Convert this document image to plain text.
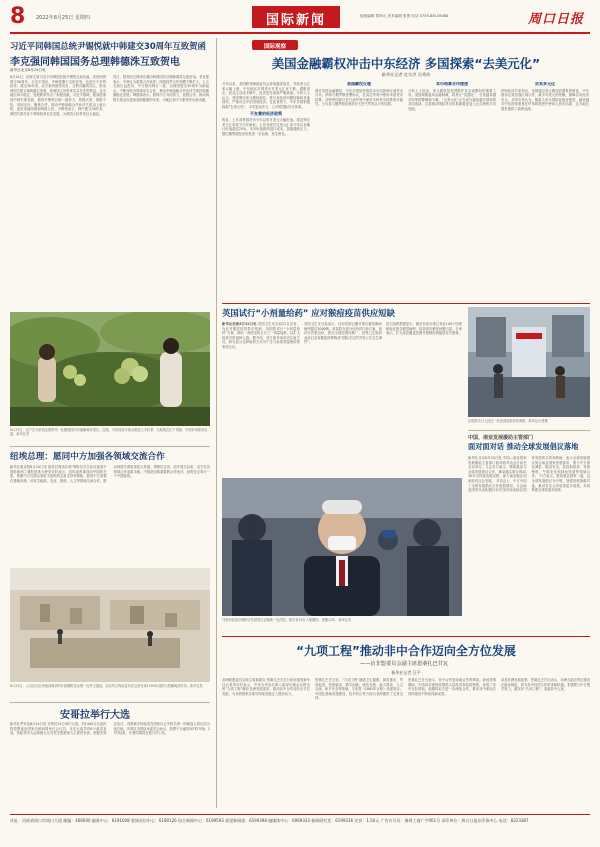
8 2022年8月25日 星期四	国际新闻	组版编辑 郑炜元 美术编辑 张勇 电话 0755-88135088	周口日报
习近平同韩国总统尹锡悦就中韩建交30周年互致贺函
李克强同韩国国务总理韩德洙互致贺电
新华社北京8月24日电
8月24日，国家主席习近平同韩国总统尹锡悦互致贺函，庆祝两国建交30周年。习近平指出，中韩是搬不走的近邻，也是分不开的伙伴。建交30年来，双方秉持睦邻友好、互利共赢的初心，推动两国关系实现跨越式发展，给两国人民带来实实在在的利益，也为地区和平稳定、发展繁荣作出了积极贡献。习近平强调，我高度重视中韩关系发展，愿同尹锡悦总统一道努力，把握大势，排除干扰，巩固友好，聚焦合作，推动中韩战略合作伙伴关系迈上新台阶，更好造福两国和两国人民。尹锡悦表示，韩中建交30年来，两国关系在各个领域取得长足发展，为两国人民带来巨大福祉。
同日，国务院总理李克强同韩国国务总理韩德洙互致贺电。李克强表示，中韩互为重要合作伙伴，两国经贸合作规模不断扩大，人文交流日益密切。中方愿同韩方一道，以两国建交30周年为新起点，不断深化各领域务实合作，推动中韩战略合作伙伴关系持续健康稳定发展。韩德洙表示，愿同中方共同努力，加强合作，推动两国关系迈向更加成熟健康的未来，为地区和平与繁荣作出新贡献。
8月23日，农户在马来西亚霹雳州一处榴莲园内采摘葡萄状果实。近期，马来西亚多地水果进入丰收季，当地果农忙于采摘，中国市场需求旺盛。新华社发
纽埃总理：愿同中方加强各领域交流合作
新华社惠灵顿8月24日电 纽埃总理达尔顿·塔格拉吉日前在接受中国驻新西兰兼驻纽埃大使采访时表示，纽埃高度重视同中国的关系，感谢中方长期以来给予纽埃的宝贵支持和帮助，愿同中方加强在基础设施、可再生能源、农业、旅游、人文等领域交流合作，推动两国关系取得更大发展。塔格拉吉说，纽中建交以来，双方在各领域合作成果丰硕。中国是纽埃重要的合作伙伴，纽埃坚定奉行一个中国原则。
8月23日，人们在以色列南部城市阿什凯隆附近参观一处考古遗址。以色列文物局宣布在这里发现1500年前的大型葡萄酒作坊。新华社发
安哥拉举行大选
新华社罗安达8月24日电 安哥拉24日举行大选，约1400万名选民将投票选出国家总统和国民议会议员。本次大选共有8个政党参选，执政党安人运和最大反对党安盟被视为主要竞争者。根据安哥拉宪法，得票最多的政党在国民议会中排名第一的候选人将自动当选总统。安哥拉全国选举委员会表示，投票于当地时间7时开始，17时结束，计票结果将在数日内公布。
国际观察
美国金融霸权冲击中东经济 多国探索“去美元化”
新华社记者 吐尔洪 冯秀珍
今年以来，美国联邦储备委员会持续激进加息，导致美元汇率大幅上涨，中东地区多国货币对美元汇率下跌，通胀高企，民众生活成本攀升，经济复苏面临严峻挑战。分析人士认为，美国利用美元霸权地位，将自身经济问题转嫁给其他国家，严重冲击中东国家经济。在此背景下，中东多国积极探索“去美元化”，寻求更加多元、公平的国际货币体系。
不友善的经济政策
埃及、土耳其等国货币今年以来对美元大幅贬值。埃及镑兑美元汇率创下历史新低，土耳其里拉兑美元汇率今年以来累计贬值超过25%。本币贬值推高进口成本，加剧通胀压力。黎巴嫩等国经济危机进一步加深，民生困苦。
美国霸权反噬
面对美国金融霸权，中东多国加快推进本币结算和区域货币合作。伊朗与俄罗斯签署协议，在双边贸易中使用本国货币结算。沙特等国探讨在石油贸易中使用多种货币结算的可能性。土耳其与俄罗斯同意部分天然气贸易以卢布结算。
本币结算合作提速
分析人士指出，美元霸权是美国维护其全球霸权的重要工具。美国频繁滥用金融制裁，将美元“武器化”，引发越来越多国家的警惕和不满。“去美元化”正在成为越来越多国家的共同选择，这将推动国际货币体系朝着更加公正合理的方向发展。
贸易多元化
伊朗经济学家指出，美国通过美元霸权收割世界财富，中东国家必须加强区域合作，减少对美元的依赖，保障自身经济安全。多国专家认为，随着人民币国际化稳步推进，越来越多中东国家愿意在贸易和投资中使用人民币结算，这为地区国家提供了新的选择。
英国试行“小剂量给药” 应对猴痘疫苗供应短缺
新华社伦敦8月22日电 英国卫生安全局22日宣布，为应对猴痘疫苗供应短缺，英国将试行“小剂量给药”方案，即用一剂疫苗的五分之一剂量接种，以扩大疫苗可供接种人群。据介绍，该方案采用皮内注射方式，研究显示这种给药方式可产生与标准剂量相似的免疫反应。
英国卫生安全局表示，目前英国已累计报告猴痘确诊病例超过3000例。该局将在部分诊所试行新方案，如试行效果良好，将在全国范围内推广。世界卫生组织此前已宣布猴痘疫情构成“国际关注的突发公共卫生事件”。
世卫组织数据显示，截至目前全球已有近100个国家和地区报告猴痘病例，疫苗供应紧张问题凸显。专家表示，扩大疫苗覆盖范围对遏制疫情蔓延至关重要。
伦敦街头行人经过一处疫苗接种宣传海报。新华社记者摄
中国、南亚发展援助主管部门
面对面对话 推动全球发展倡议落地
马来西亚前总理纳吉布被带往吉隆坡一处法院。纳吉布23日入狱服刑，刑期12年。新华社发
新华社北京8月24日电 中国—南亚国家发展援助主管部门面对面对话会日前在北京举行。与会各方表示，愿积极参与全球发展倡议合作，推动落实联合国2030年可持续发展议程，助力南亚地区国家经济社会发展。 对话会上，中方介绍了全球发展倡议合作进展情况。与会南亚国家代表积极评价中国对南亚地区国家发展的支持和帮助，表示全球发展倡议契合南亚国家发展需求，愿与中方深化减贫、粮食安全、抗疫和疫苗、发展筹资、气候变化和绿色发展等领域合作。 中方表示，愿同南亚国家一道，以全球发展倡议为引领，加强发展战略对接，推动务实合作取得更多成果，共同构建全球发展共同体。
“九项工程”推动非中合作迈向全方位发展
——访非盟委员会副主席恩桑扎巴甘瓦
新华社记者 汪平
非洲联盟委员会副主席莫妮克·恩桑扎巴甘瓦日前在接受新华社记者采访时表示，中非合作论坛第八届部长级会议提出的“九项工程”顺应非洲发展需求，推动非中合作迈向全方位发展，为非洲国家实现可持续发展注入强劲动力。
恩桑扎巴甘瓦说，“九项工程”涵盖卫生健康、减贫惠农、贸易促进、投资驱动、数字创新、绿色发展、能力建设、人文交流、和平安全等领域，与非盟《2063年议程》高度契合。中国在基础设施建设、技术转让等方面为非洲提供了宝贵支持。
恩桑扎巴甘瓦表示，非中合作是南南合作的典范。新冠疫情期间，中国向非洲国家提供大量疫苗和抗疫物资，体现了非中友好情谊。她期待双方进一步深化合作，推动非中命运共同体建设不断取得新成果。
谈及非洲发展前景，恩桑扎巴甘瓦表示，非洲大陆自贸区建设正稳步推进，将为非中经贸合作带来新机遇。非盟愿与中方携手努力，落实好“九项工程”，造福非中人民。
社址：河南省周口市周口大道 邮编：466000 编务中心：6191608 要闻采访中心：6190126 综合新闻中心：6199593 视觉新闻部：6199398 融媒体中心：6069333 新闻研究室：6199316 定价：1.50元 广告许可证：豫周工商广字001号 承印单位：周口日报社印务中心 电话：8223387
